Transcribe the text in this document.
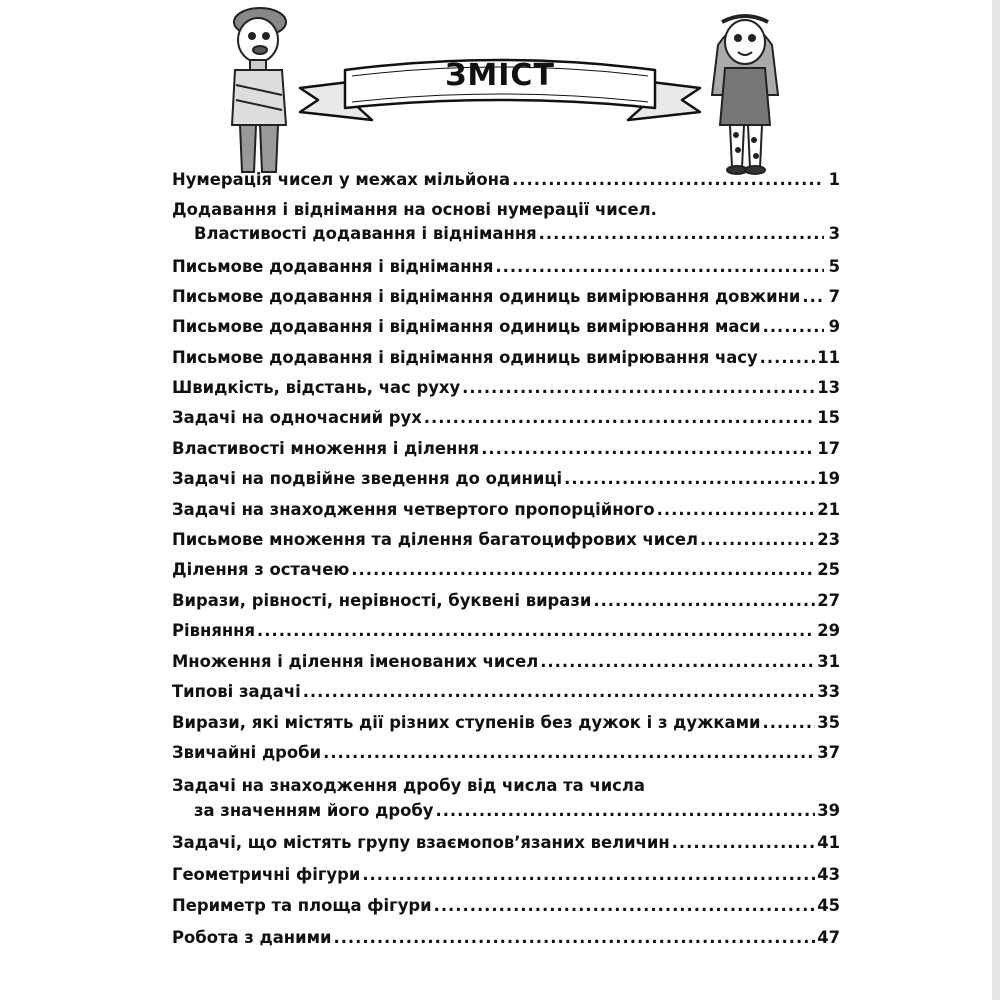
ЗМІСТ
Нумерація чисел у межах мільйона .....	1
Додавання і віднімання на основі нумерації чисел.
Властивості додавання і віднімання .....	3
Письмове додавання і віднімання .....	5
Письмове додавання і віднімання одиниць вимірювання довжини ..... 7
Письмове додавання і віднімання одиниць вимірювання маси .....	9
Письмове додавання і віднімання одиниць вимірювання часу .....	11
Швидкість, відстань, час руху .....	13
Задачі на одночасний рух .....	15
Властивості множення і ділення .....	17
Задачі на подвійне зведення до одиниці .....	19
Задачі на знаходження четвертого пропорційного .....	21
Письмове множення та ділення багатоцифрових чисел .....	23
Ділення з остачею .....	25
Вирази, рівності, нерівності, буквені вирази .....	27
Рівняння .....	29
Множення і ділення іменованих чисел .....	31
Типові задачі .....	33
Вирази, які містять дії різних ступенів без дужок і з дужками .....	35
Звичайні дроби .....	37
Задачі на знаходження дробу від числа та числа
за значенням його дробу .....	39
Задачі, що містять групу взаємопов’язаних величин .....	41
Геометричні фігури .....	43
Периметр та площа фігури .....	45
Робота з даними .....	47
